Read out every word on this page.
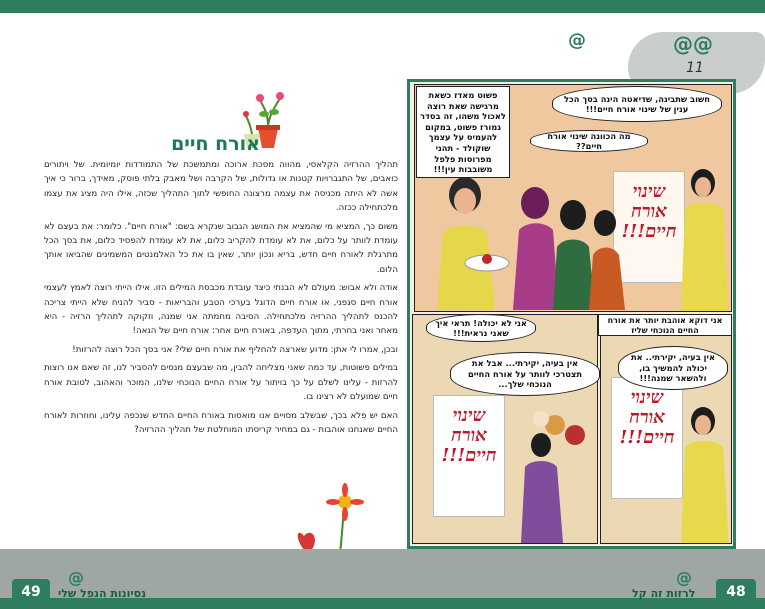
@
אורח חיים

תהליך ההרזיה הקלאסי, מהווה מסכת ארוכה ומתמשכת של התמודדות יומיומית. של ויתורים כואבים, של התגברויות קטנות או גדולות, של הקרבה ושל מאבק בלתי פוסק, מאידך, ברור כי איך אשה לא היתה מכניסה את עצמה מרצונה החופשי לתוך התהליך שכזה, אילו היה מציג את עצמו מלכתחילה ככזה.

משום כך, המציא מי שהמציא את המושג הגבוב שנקרא בשם: "אורח חיים". כלומר: את בעצם לא עומדת לוותר על כלום, את לא עומדת להקריב כלום, את לא עומדת להפסיד כלום, את בסך הכל מתרגלת לאורח חיים חדש, בריא ונכון יותר, שאין בו את כל האלמנטים המשמינים שהביאו אותך הלום.

אודה ולא אבוש: מעולם לא הבנתי כיצד עובדת מכבסת המילים הזו. אילו הייתי רוצה לאמץ לעצמי אורח חיים סגפני, או אורח חיים הדוגל בערכי הטבע והבריאות - סביר להניח שלא הייתי צריכה להכנס לתהליך ההרזיה מלכתחילה. הסיבה מחמתה אני שמנה, וזקוקה לתהליך הרזיה - היא מאחר ואני בחרתי, מתוך העדפה, באורח חיים אחר: אורח חיים של הנאה!

ובכן, אמרו לי אתן: מדוע שארצה להחליף את אורח חיים שלי? אני בסך הכל רוצה להרזות!

במילים פשוטות, עד כמה שאני מצליחה להבין, מה שבעצם מנסים להסביר לנו, זה שאם אנו רוצות להרזות - עלינו לשלם על כך בויתור על אורח החיים הנוכחי שלנו, המוכר והאהוב, לטובת אורח חיים שמועלם לא רצינו בו.

האם יש פלא בכך, שבשלב מסויים אנו מואסות באורח החיים החדש שנכפה עלינו, וחוזרות לאורח החיים שאנחנו אוהבות - גם במחיר קריסתו המוחלטת של תהליך ההרזיה?

@@
11
שינוי אורח חיים!!!
פשוט מאדז כשאת מרגישה שאת רוצה לאכול משהו, זה בסדר גמורז פשוט, במקום להעמיס על עצמך שוקולד - תהני מפרוסות פלפל משובבות עין!!!
חשוב שתבינה, שדיאטה הינה בסך הכל ענין של שינוי אורח חיים!!!
מה הכוונה שינוי אורח חיים??
שינוי אורח חיים!!!
אני לא יכולה! תראי איך שאני נראית!!!
אין בעיה, יקירתי... אבל את תצטרכי לוותר על אורח החיים הנוכחי שלך...
שינוי אורח חיים!!!
אני דוקא אוהבת יותר את אורח החיים הנוכחי שליז
אין בעיה, יקירתי.. את יכולה להמשיך בו, ולהשאר שמנה!!!
@	@
49	נסיונות הנפל שלי	לרזות זה קל	48
